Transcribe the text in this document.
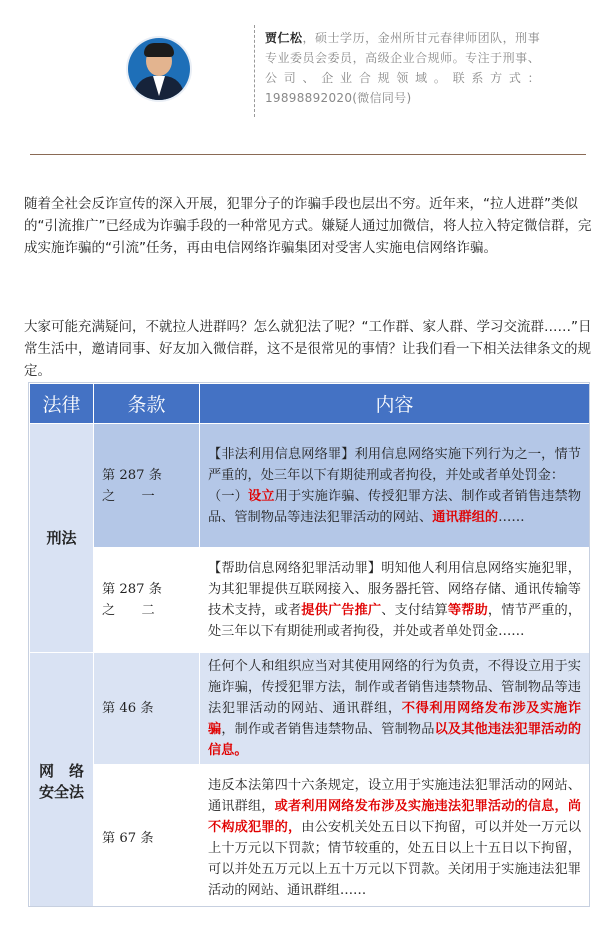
贾仁松，硕士学历，金州所甘元春律师团队，刑事专业委员会委员，高级企业合规师。专注于刑事、公司、企业合规领域。联系方式：19898892020(微信同号)

随着全社会反诈宣传的深入开展，犯罪分子的诈骗手段也层出不穷。近年来，“拉人进群”类似的“引流推广”已经成为诈骗手段的一种常见方式。嫌疑人通过加微信，将人拉入特定微信群，完成实施诈骗的“引流”任务，再由电信网络诈骗集团对受害人实施电信网络诈骗。

大家可能充满疑问，不就拉人进群吗？怎么就犯法了呢？“工作群、家人群、学习交流群……”日常生活中，邀请同事、好友加入微信群，这不是很常见的事情？让我们看一下相关法律条文的规定。

法律	条款	内容
刑法	第 287 条
之　　一	【非法利用信息网络罪】利用信息网络实施下列行为之一，情节严重的，处三年以下有期徒刑或者拘役，并处或者单处罚金：
（一）设立用于实施诈骗、传授犯罪方法、制作或者销售违禁物品、管制物品等违法犯罪活动的网站、通讯群组的……
	第 287 条
之　　二	【帮助信息网络犯罪活动罪】明知他人利用信息网络实施犯罪，为其犯罪提供互联网接入、服务器托管、网络存储、通讯传输等技术支持，或者提供广告推广、支付结算等帮助，情节严重的，处三年以下有期徒刑或者拘役，并处或者单处罚金……
网　络
安全法	第 46 条	任何个人和组织应当对其使用网络的行为负责，不得设立用于实施诈骗，传授犯罪方法，制作或者销售违禁物品、管制物品等违法犯罪活动的网站、通讯群组，不得利用网络发布涉及实施诈骗，制作或者销售违禁物品、管制物品以及其他违法犯罪活动的信息。
	第 67 条	违反本法第四十六条规定，设立用于实施违法犯罪活动的网站、通讯群组，或者利用网络发布涉及实施违法犯罪活动的信息，尚不构成犯罪的，由公安机关处五日以下拘留，可以并处一万元以上十万元以下罚款；情节较重的，处五日以上十五日以下拘留，可以并处五万元以上五十万元以下罚款。关闭用于实施违法犯罪活动的网站、通讯群组……
